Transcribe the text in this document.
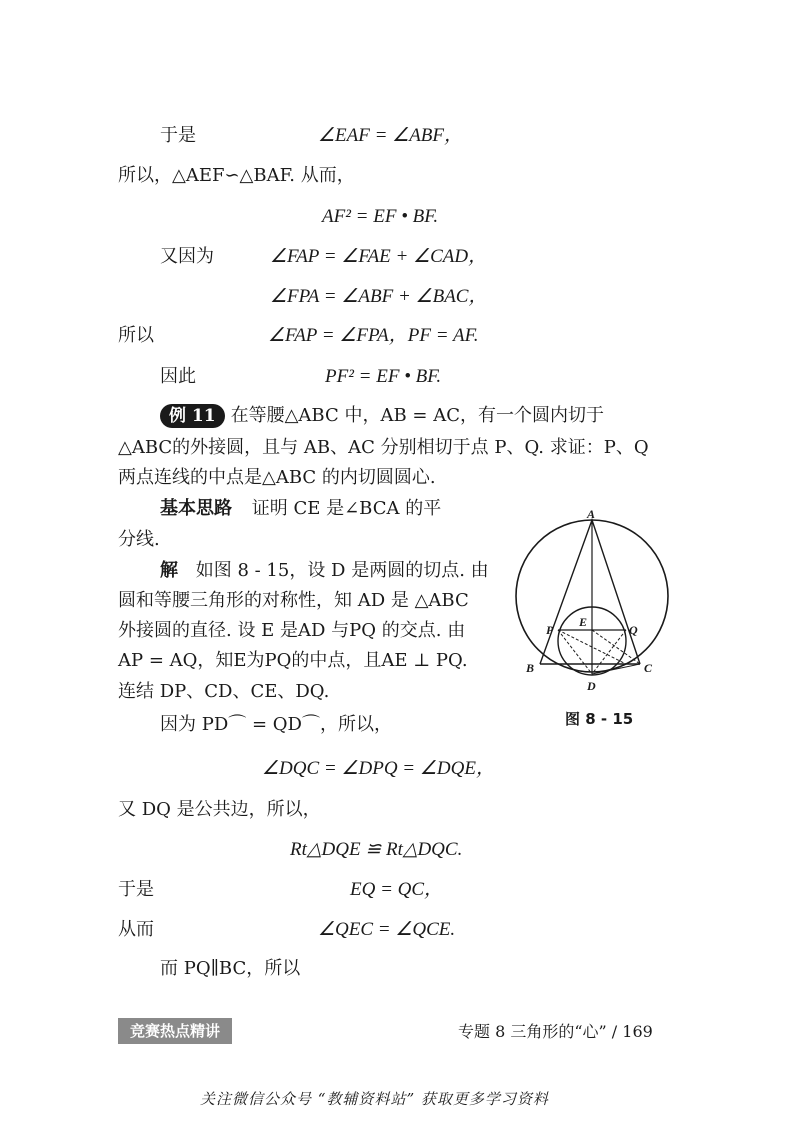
于是	∠EAF = ∠ABF，
所以，△AEF∽△BAF. 从而，
AF² = EF • BF.
又因为	∠FAP = ∠FAE + ∠CAD，
∠FPA = ∠ABF + ∠BAC，
所以	∠FAP = ∠FPA，PF = AF.
因此	PF² = EF • BF.
例 11 在等腰△ABC 中，AB = AC，有一个圆内切于
△ABC的外接圆，且与 AB、AC 分别相切于点 P、Q. 求证：P、Q
两点连线的中点是△ABC 的内切圆圆心.
基本思路 证明 CE 是∠BCA 的平
分线.
解 如图 8 - 15，设 D 是两圆的切点. 由
圆和等腰三角形的对称性，知 AD 是 △ABC
外接圆的直径. 设 E 是AD 与PQ 的交点. 由
AP = AQ，知E为PQ的中点，且AE ⊥ PQ.
连结 DP、CD、CE、DQ.
因为 PD⌒ = QD⌒，所以，
∠DQC = ∠DPQ = ∠DQE，
又 DQ 是公共边，所以，
Rt△DQE ≌ Rt△DQC.
于是	EQ = QC，
从而	∠QEC = ∠QCE.
而 PQ∥BC，所以
A
B	C
D
E
P	Q
图 8 - 15
竞赛热点精讲	专题 8 三角形的“心” / 169
关注微信公众号 “教辅资料站” 获取更多学习资料
